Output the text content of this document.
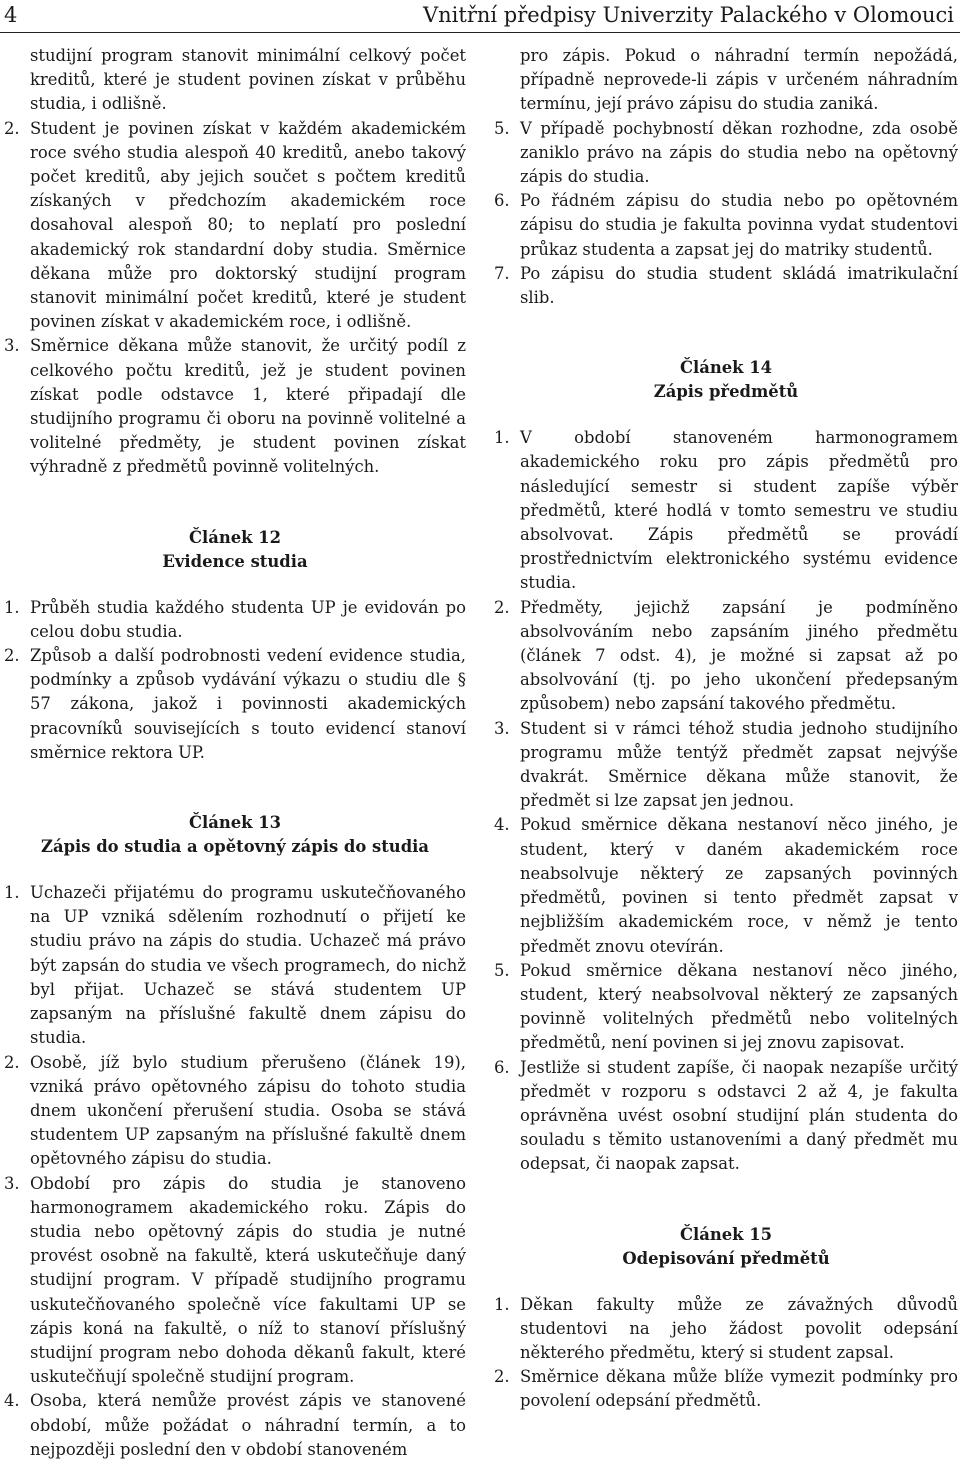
4	Vnitřní předpisy Univerzity Palackého v Olomouci

studijní program stanovit minimální celkový počet kreditů, které je student povinen získat v průběhu studia, i odlišně.

2. Student je povinen získat v každém akademickém roce svého studia alespoň 40 kreditů, anebo takový počet kreditů, aby jejich součet s počtem kreditů získaných v předchozím akademickém roce dosahoval alespoň 80; to neplatí pro poslední akademický rok standardní doby studia. Směrnice děkana může pro doktorský studijní program stanovit minimální počet kreditů, které je student povinen získat v akademickém roce, i odlišně.
3. Směrnice děkana může stanovit, že určitý podíl z celkového počtu kreditů, jež je student povinen získat podle odstavce 1, které připadají dle studijního programu či oboru na povinně volitelné a volitelné předměty, je student povinen získat výhradně z předmětů povinně volitelných.
Článek 12
Evidence studia
1. Průběh studia každého studenta UP je evidován po celou dobu studia.
2. Způsob a další podrobnosti vedení evidence studia, podmínky a způsob vydávání výkazu o studiu dle § 57 zákona, jakož i povinnosti akademických pracovníků souvisejících s touto evidencí stanoví směrnice rektora UP.
Článek 13
Zápis do studia a opětovný zápis do studia
1. Uchazeči přijatému do programu uskutečňovaného na UP vzniká sdělením rozhodnutí o přijetí ke studiu právo na zápis do studia. Uchazeč má právo být zapsán do studia ve všech programech, do nichž byl přijat. Uchazeč se stává studentem UP zapsaným na příslušné fakultě dnem zápisu do studia.
2. Osobě, jíž bylo studium přerušeno (článek 19), vzniká právo opětovného zápisu do tohoto studia dnem ukončení přerušení studia. Osoba se stává studentem UP zapsaným na příslušné fakultě dnem opětovného zápisu do studia.
3. Období pro zápis do studia je stanoveno harmonogramem akademického roku. Zápis do studia nebo opětovný zápis do studia je nutné provést osobně na fakultě, která uskutečňuje daný studijní program. V případě studijního programu uskutečňovaného společně více fakultami UP se zápis koná na fakultě, o níž to stanoví příslušný studijní program nebo dohoda děkanů fakult, které uskutečňují společně studijní program.
4. Osoba, která nemůže provést zápis ve stanovené období, může požádat o náhradní termín, a to nejpozději poslední den v období stanoveném

pro zápis. Pokud o náhradní termín nepožádá, případně neprovede-li zápis v určeném náhradním termínu, její právo zápisu do studia zaniká.

5. V případě pochybností děkan rozhodne, zda osobě zaniklo právo na zápis do studia nebo na opětovný zápis do studia.
6. Po řádném zápisu do studia nebo po opětovném zápisu do studia je fakulta povinna vydat studentovi průkaz studenta a zapsat jej do matriky studentů.
7. Po zápisu do studia student skládá imatrikulační slib.
Článek 14
Zápis předmětů
1. V období stanoveném harmonogramem akademického roku pro zápis předmětů pro následující semestr si student zapíše výběr předmětů, které hodlá v tomto semestru ve studiu absolvovat. Zápis předmětů se provádí prostřednictvím elektronického systému evidence studia.
2. Předměty, jejichž zapsání je podmíněno absolvováním nebo zapsáním jiného předmětu (článek 7 odst. 4), je možné si zapsat až po absolvování (tj. po jeho ukončení předepsaným způsobem) nebo zapsání takového předmětu.
3. Student si v rámci téhož studia jednoho studijního programu může tentýž předmět zapsat nejvýše dvakrát. Směrnice děkana může stanovit, že předmět si lze zapsat jen jednou.
4. Pokud směrnice děkana nestanoví něco jiného, je student, který v daném akademickém roce neabsolvuje některý ze zapsaných povinných předmětů, povinen si tento předmět zapsat v nejbližším akademickém roce, v němž je tento předmět znovu otevírán.
5. Pokud směrnice děkana nestanoví něco jiného, student, který neabsolvoval některý ze zapsaných povinně volitelných předmětů nebo volitelných předmětů, není povinen si jej znovu zapisovat.
6. Jestliže si student zapíše, či naopak nezapíše určitý předmět v rozporu s odstavci 2 až 4, je fakulta oprávněna uvést osobní studijní plán studenta do souladu s těmito ustanoveními a daný předmět mu odepsat, či naopak zapsat.
Článek 15
Odepisování předmětů
1. Děkan fakulty může ze závažných důvodů studentovi na jeho žádost povolit odepsání některého předmětu, který si student zapsal.
2. Směrnice děkana může blíže vymezit podmínky pro povolení odepsání předmětů.
